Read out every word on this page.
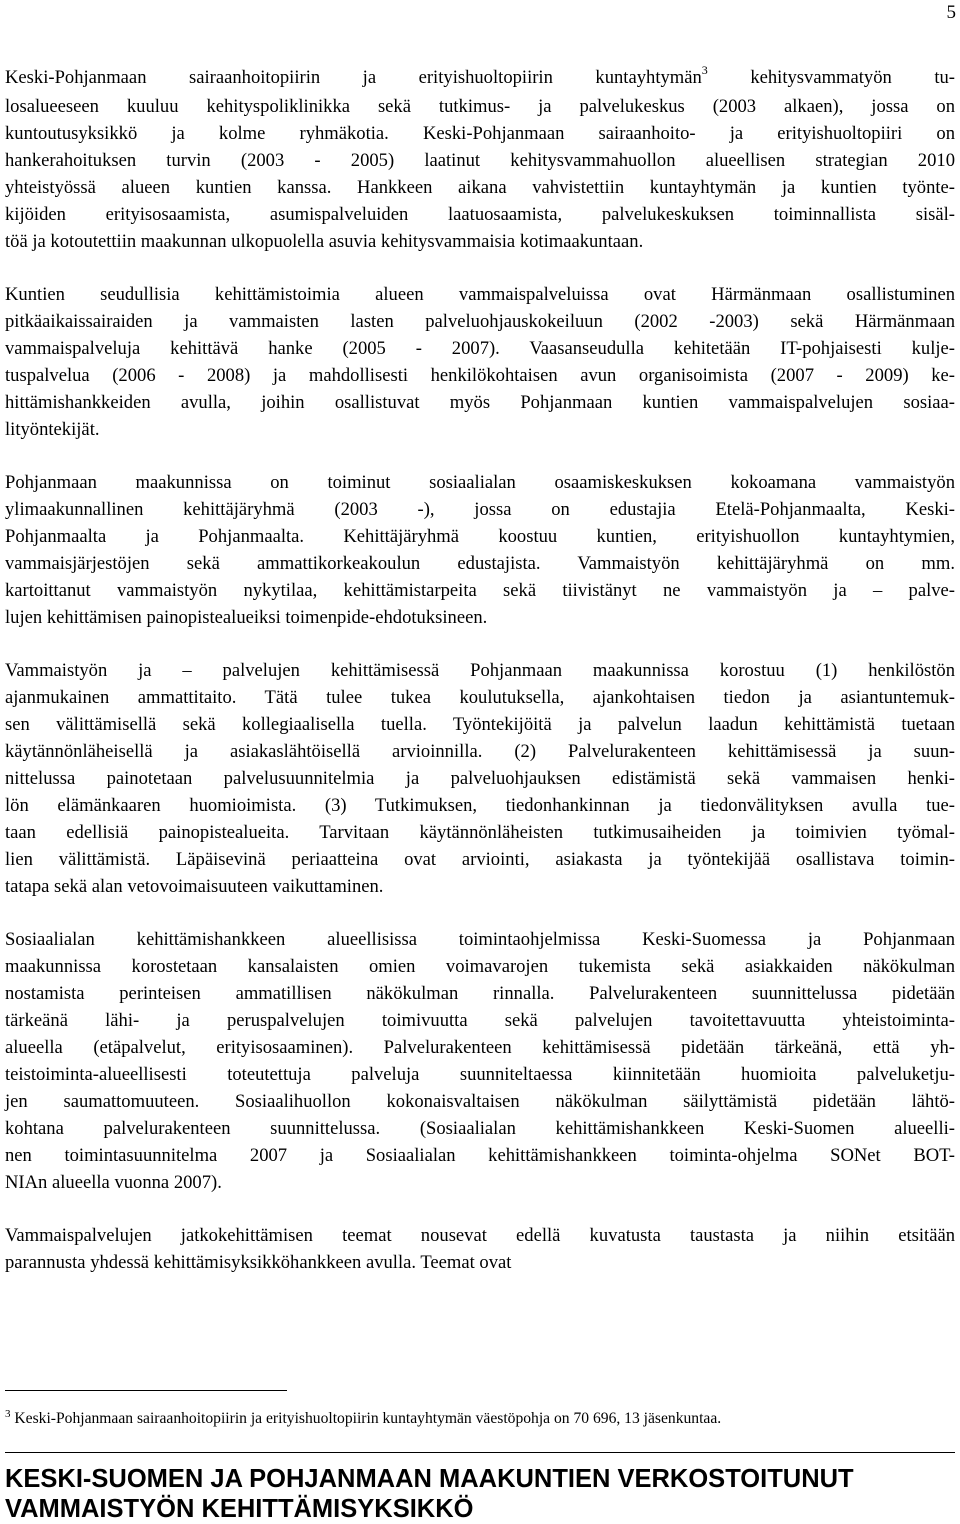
5

Keski-Pohjanmaan sairaanhoitopiirin ja erityishuoltopiirin kuntayhtymän$^3$ kehitysvammatyön tu-
losalueeseen kuuluu kehityspoliklinikka sekä tutkimus- ja palvelukeskus (2003 alkaen), jossa on
kuntoutusyksikkö ja kolme ryhmäkotia. Keski-Pohjanmaan sairaanhoito- ja erityishuoltopiiri on
hankerahoituksen turvin (2003 - 2005) laatinut kehitysvammahuollon alueellisen strategian 2010
yhteistyössä alueen kuntien kanssa. Hankkeen aikana vahvistettiin kuntayhtymän ja kuntien työnte-
kijöiden erityisosaamista, asumispalveluiden laatuosaamista, palvelukeskuksen toiminnallista sisäl-
töä ja kotoutettiin maakunnan ulkopuolella asuvia kehitysvammaisia kotimaakuntaan.

Kuntien seudullisia kehittämistoimia alueen vammaispalveluissa ovat Härmänmaan osallistuminen
pitkäaikaissairaiden ja vammaisten lasten palveluohjauskokeiluun (2002 -2003) sekä Härmänmaan
vammaispalveluja kehittävä hanke (2005 - 2007). Vaasanseudulla kehitetään IT-pohjaisesti kulje-
tuspalvelua (2006 - 2008) ja mahdollisesti henkilökohtaisen avun organisoimista (2007 - 2009) ke-
hittämishankkeiden avulla, joihin osallistuvat myös Pohjanmaan kuntien vammaispalvelujen sosiaa-
lityöntekijät.

Pohjanmaan maakunnissa on toiminut sosiaalialan osaamiskeskuksen kokoamana vammaistyön
ylimaakunnallinen kehittäjäryhmä (2003 -), jossa on edustajia Etelä-Pohjanmaalta, Keski-
Pohjanmaalta ja Pohjanmaalta. Kehittäjäryhmä koostuu kuntien, erityishuollon kuntayhtymien,
vammaisjärjestöjen sekä ammattikorkeakoulun edustajista. Vammaistyön kehittäjäryhmä on mm.
kartoittanut vammaistyön nykytilaa, kehittämistarpeita sekä tiivistänyt ne vammaistyön ja – palve-
lujen kehittämisen painopistealueiksi toimenpide-ehdotuksineen.

Vammaistyön ja – palvelujen kehittämisessä Pohjanmaan maakunnissa korostuu (1) henkilöstön
ajanmukainen ammattitaito. Tätä tulee tukea koulutuksella, ajankohtaisen tiedon ja asiantuntemuk-
sen välittämisellä sekä kollegiaalisella tuella. Työntekijöitä ja palvelun laadun kehittämistä tuetaan
käytännönläheisellä ja asiakaslähtöisellä arvioinnilla. (2) Palvelurakenteen kehittämisessä ja suun-
nittelussa painotetaan palvelusuunnitelmia ja palveluohjauksen edistämistä sekä vammaisen henki-
lön elämänkaaren huomioimista. (3) Tutkimuksen, tiedonhankinnan ja tiedonvälityksen avulla tue-
taan edellisiä painopistealueita. Tarvitaan käytännönläheisten tutkimusaiheiden ja toimivien työmal-
lien välittämistä. Läpäisevinä periaatteina ovat arviointi, asiakasta ja työntekijää osallistava toimin-
tatapa sekä alan vetovoimaisuuteen vaikuttaminen.

Sosiaalialan kehittämishankkeen alueellisissa toimintaohjelmissa Keski-Suomessa ja Pohjanmaan
maakunnissa korostetaan kansalaisten omien voimavarojen tukemista sekä asiakkaiden näkökulman
nostamista perinteisen ammatillisen näkökulman rinnalla. Palvelurakenteen suunnittelussa pidetään
tärkeänä lähi- ja peruspalvelujen toimivuutta sekä palvelujen tavoitettavuutta yhteistoiminta-
alueella (etäpalvelut, erityisosaaminen). Palvelurakenteen kehittämisessä pidetään tärkeänä, että yh-
teistoiminta-alueellisesti toteutettuja palveluja suunniteltaessa kiinnitetään huomioita palveluketju-
jen saumattomuuteen. Sosiaalihuollon kokonaisvaltaisen näkökulman säilyttämistä pidetään lähtö-
kohtana palvelurakenteen suunnittelussa. (Sosiaalialan kehittämishankkeen Keski-Suomen alueelli-
nen toimintasuunnitelma 2007 ja Sosiaalialan kehittämishankkeen toiminta-ohjelma SONet BOT-
NIAn alueella vuonna 2007).

Vammaispalvelujen jatkokehittämisen teemat nousevat edellä kuvatusta taustasta ja niihin etsitään
parannusta yhdessä kehittämisyksikköhankkeen avulla. Teemat ovat

$^3$ Keski-Pohjanmaan sairaanhoitopiirin ja erityishuoltopiirin kuntayhtymän väestöpohja on 70 696, 13 jäsenkuntaa.
KESKI-SUOMEN JA POHJANMAAN MAAKUNTIEN VERKOSTOITUNUT
VAMMAISTYÖN KEHITTÄMISYKSIKKÖ
